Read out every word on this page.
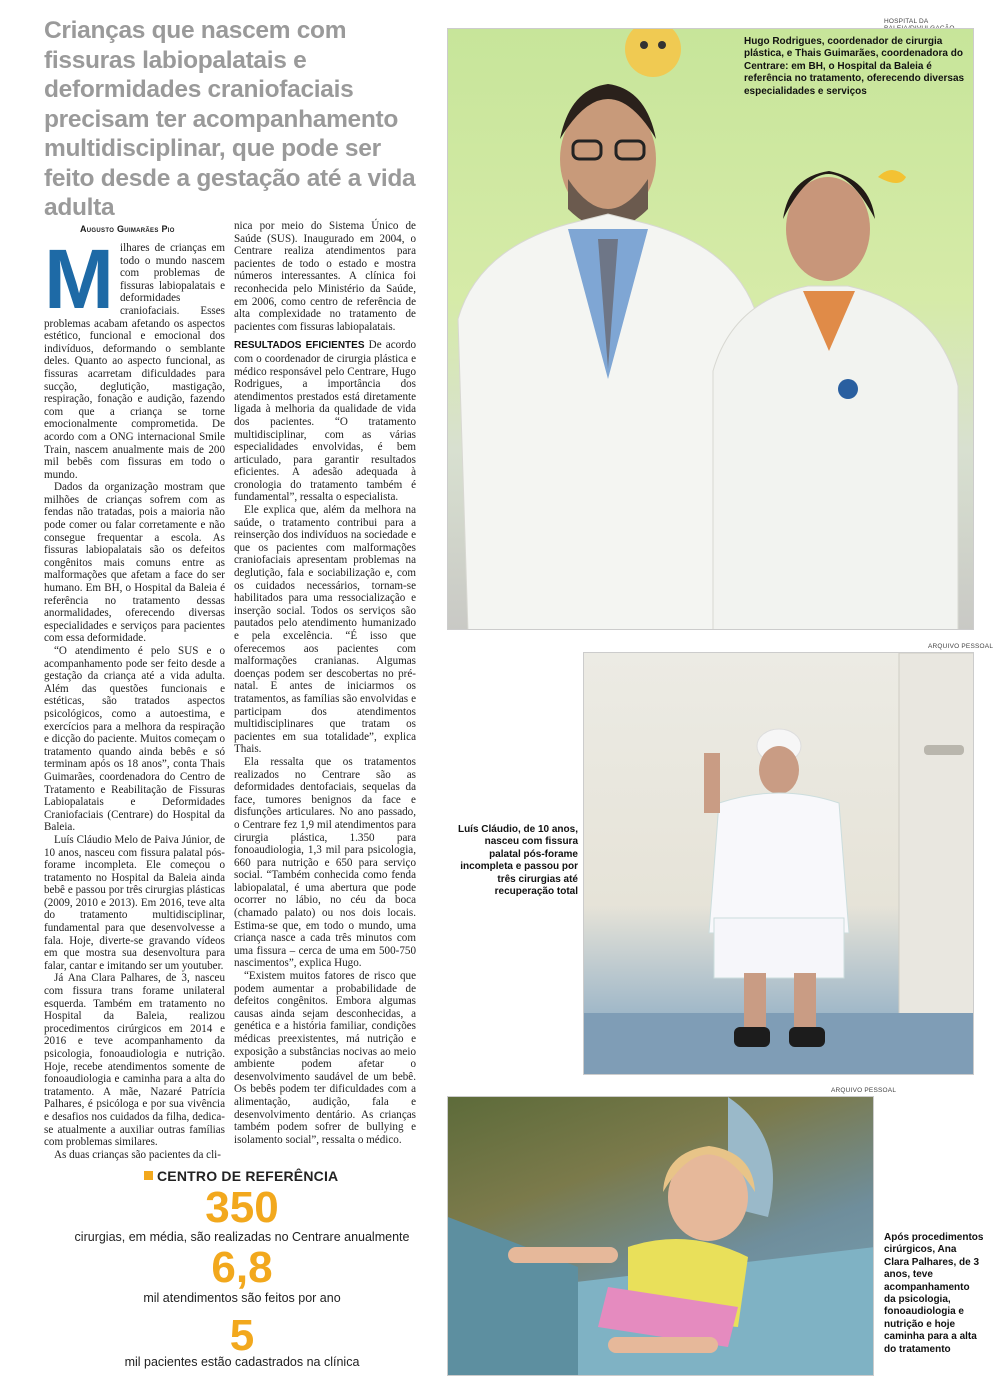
Crianças que nascem com fissuras labiopalatais e deformidades craniofaciais precisam ter acompanhamento multidisciplinar, que pode ser feito desde a gestação até a vida adulta
Augusto Guimarães Pio

Milhares de crianças em todo o mundo nascem com problemas de fissuras labiopalatais e deformidades craniofaciais. Esses problemas acabam afetando os aspectos estético, funcional e emocional dos indivíduos, deformando o semblante deles. Quanto ao aspecto funcional, as fissuras acarretam dificuldades para sucção, deglutição, mastigação, respiração, fonação e audição, fazendo com que a criança se torne emocionalmente comprometida. De acordo com a ONG internacional Smile Train, nascem anualmente mais de 200 mil bebês com fissuras em todo o mundo.

Dados da organização mostram que milhões de crianças sofrem com as fendas não tratadas, pois a maioria não pode comer ou falar corretamente e não consegue frequentar a escola. As fissuras labiopalatais são os defeitos congênitos mais comuns entre as malformações que afetam a face do ser humano. Em BH, o Hospital da Baleia é referência no tratamento dessas anormalidades, oferecendo diversas especialidades e serviços para pacientes com essa deformidade.

“O atendimento é pelo SUS e o acompanhamento pode ser feito desde a gestação da criança até a vida adulta. Além das questões funcionais e estéticas, são tratados aspectos psicológicos, como a autoestima, e exercícios para a melhora da respiração e dicção do paciente. Muitos começam o tratamento quando ainda bebês e só terminam após os 18 anos”, conta Thais Guimarães, coordenadora do Centro de Tratamento e Reabilitação de Fissuras Labiopalatais e Deformidades Craniofaciais (Centrare) do Hospital da Baleia.

Luís Cláudio Melo de Paiva Júnior, de 10 anos, nasceu com fissura palatal pós-forame incompleta. Ele começou o tratamento no Hospital da Baleia ainda bebê e passou por três cirurgias plásticas (2009, 2010 e 2013). Em 2016, teve alta do tratamento multidisciplinar, fundamental para que desenvolvesse a fala. Hoje, diverte-se gravando vídeos em que mostra sua desenvoltura para falar, cantar e imitando ser um youtuber.

Já Ana Clara Palhares, de 3, nasceu com fissura trans forame unilateral esquerda. Também em tratamento no Hospital da Baleia, realizou procedimentos cirúrgicos em 2014 e 2016 e teve acompanhamento da psicologia, fonoaudiologia e nutrição. Hoje, recebe atendimentos somente de fonoaudiologia e caminha para a alta do tratamento. A mãe, Nazaré Patrícia Palhares, é psicóloga e por sua vivência e desafios nos cuidados da filha, dedica-se atualmente a auxiliar outras famílias com problemas similares.

As duas crianças são pacientes da cli-

nica por meio do Sistema Único de Saúde (SUS). Inaugurado em 2004, o Centrare realiza atendimentos para pacientes de todo o estado e mostra números interessantes. A clínica foi reconhecida pelo Ministério da Saúde, em 2006, como centro de referência de alta complexidade no tratamento de pacientes com fissuras labiopalatais.

RESULTADOS EFICIENTES De acordo com o coordenador de cirurgia plástica e médico responsável pelo Centrare, Hugo Rodrigues, a importância dos atendimentos prestados está diretamente ligada à melhoria da qualidade de vida dos pacientes. “O tratamento multidisciplinar, com as várias especialidades envolvidas, é bem articulado, para garantir resultados eficientes. A adesão adequada à cronologia do tratamento também é fundamental”, ressalta o especialista.

Ele explica que, além da melhora na saúde, o tratamento contribui para a reinserção dos indivíduos na sociedade e que os pacientes com malformações craniofaciais apresentam problemas na deglutição, fala e sociabilização e, com os cuidados necessários, tornam-se habilitados para uma ressocialização e inserção social. Todos os serviços são pautados pelo atendimento humanizado e pela excelência. “É isso que oferecemos aos pacientes com malformações cranianas. Algumas doenças podem ser descobertas no pré-natal. E antes de iniciarmos os tratamentos, as famílias são envolvidas e participam dos atendimentos multidisciplinares que tratam os pacientes em sua totalidade”, explica Thais.

Ela ressalta que os tratamentos realizados no Centrare são as deformidades dentofaciais, sequelas da face, tumores benignos da face e disfunções articulares. No ano passado, o Centrare fez 1,9 mil atendimentos para cirurgia plástica, 1.350 para fonoaudiologia, 1,3 mil para psicologia, 660 para nutrição e 650 para serviço social. “Também conhecida como fenda labiopalatal, é uma abertura que pode ocorrer no lábio, no céu da boca (chamado palato) ou nos dois locais. Estima-se que, em todo o mundo, uma criança nasce a cada três minutos com uma fissura – cerca de uma em 500-750 nascimentos”, explica Hugo.

“Existem muitos fatores de risco que podem aumentar a probabilidade de defeitos congênitos. Embora algumas causas ainda sejam desconhecidas, a genética e a história familiar, condições médicas preexistentes, má nutrição e exposição a substâncias nocivas ao meio ambiente podem afetar o desenvolvimento saudável de um bebê. Os bebês podem ter dificuldades com a alimentação, audição, fala e desenvolvimento dentário. As crianças também podem sofrer de bullying e isolamento social”, ressalta o médico.

HOSPITAL DA
Hugo Rodrigues, coordenador de cirurgia plástica, e Thais Guimarães, coordenadora do Centrare: em BH, o Hospital da Baleia é referência no tratamento, oferecendo diversas especialidades e serviços
ARQUIVO PESSOAL
Luís Cláudio, de 10 anos, nasceu com fissura palatal pós-forame incompleta e passou por três cirurgias até recuperação total
ARQUIVO PESSOAL
Após procedimentos cirúrgicos, Ana Clara Palhares, de 3 anos, teve acompanhamento da psicologia, fonoaudiologia e nutrição e hoje caminha para a alta do tratamento
CENTRO DE REFERÊNCIA
350
cirurgias, em média, são realizadas no Centrare anualmente
6,8
mil atendimentos são feitos por ano
5
mil pacientes estão cadastrados na clínica
